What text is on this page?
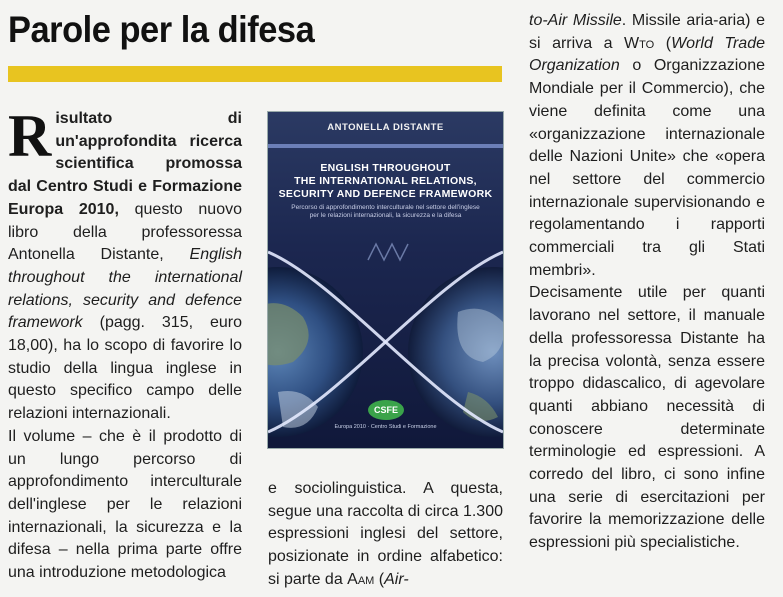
Parole per la difesa

Risultato di un'approfondita ricerca scientifica promossa dal Centro Studi e Formazione Europa 2010, questo nuovo libro della professoressa Antonella Distante, English throughout the international relations, security and defence framework (pagg. 315, euro 18,00), ha lo scopo di favorire lo studio della lingua inglese in questo specifico campo delle relazioni internazionali.

Il volume – che è il prodotto di un lungo percorso di approfondimento interculturale dell'inglese per le relazioni internazionali, la sicurezza e la difesa – nella prima parte offre una introduzione metodologica

ANTONELLA DISTANTE
ENGLISH THROUGHOUT
THE INTERNATIONAL RELATIONS,
SECURITY AND DEFENCE FRAMEWORK
Percorso di approfondimento interculturale nel settore dell'inglese per le relazioni internazionali, la sicurezza e la difesa
CSFE
Europa 2010 · Centro Studi e Formazione

e sociolinguistica. A questa, segue una raccolta di circa 1.300 espressioni inglesi del settore, posizionate in ordine alfabetico: si parte da Aam (Air-

to-Air Missile. Missile aria-aria) e si arriva a Wto (World Trade Organization o Organizzazione Mondiale per il Commercio), che viene definita come una «organizzazione internazionale delle Nazioni Unite» che «opera nel settore del commercio internazionale supervisionando e regolamentando i rapporti commerciali tra gli Stati membri».

Decisamente utile per quanti lavorano nel settore, il manuale della professoressa Distante ha la precisa volontà, senza essere troppo didascalico, di agevolare quanti abbiano necessità di conoscere determinate terminologie ed espressioni. A corredo del libro, ci sono infine una serie di esercitazioni per favorire la memorizzazione delle espressioni più specialistiche.
